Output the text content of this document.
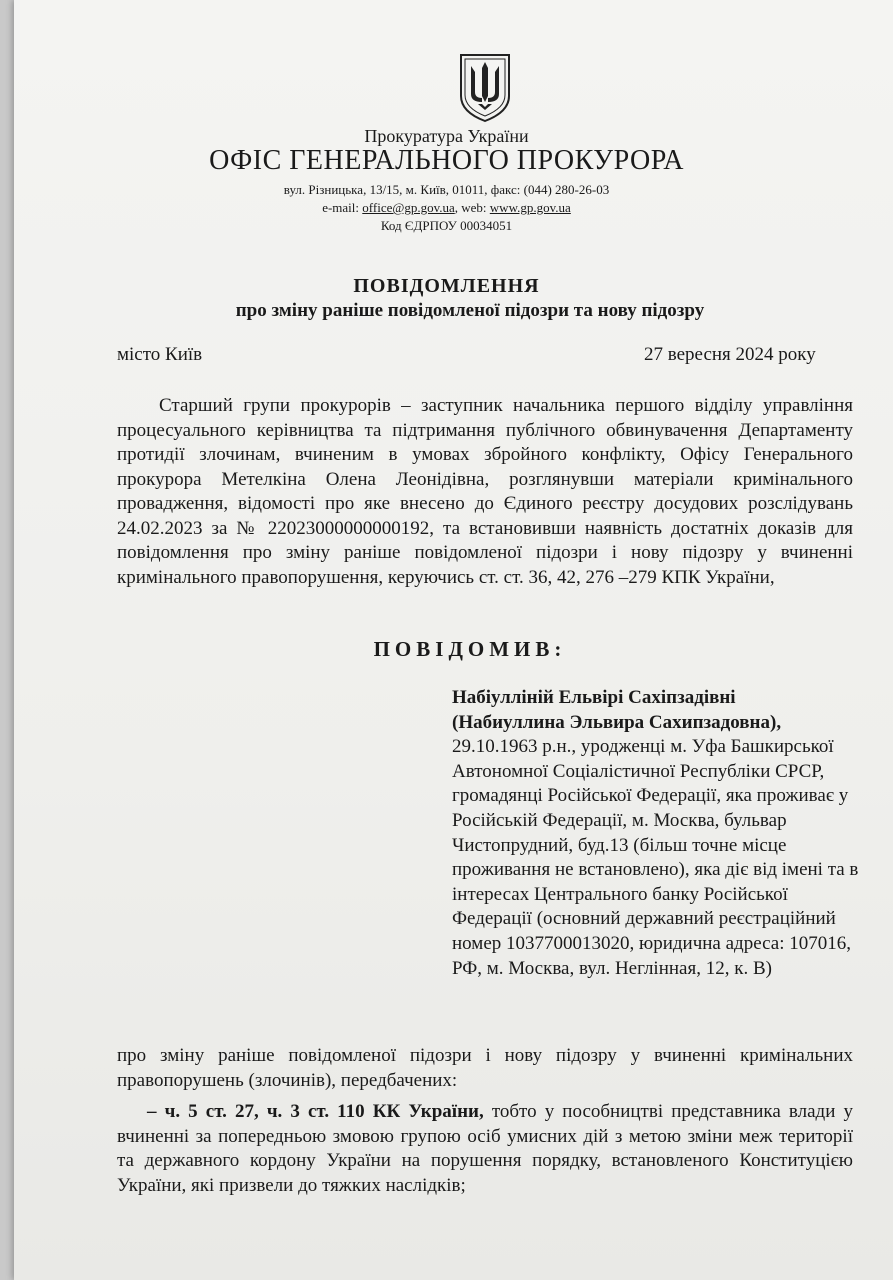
Прокуратура України
ОФІС ГЕНЕРАЛЬНОГО ПРОКУРОРА
вул. Різницька, 13/15, м. Київ, 01011, факс: (044) 280-26-03
e-mail: office@gp.gov.ua, web: www.gp.gov.ua
Код ЄДРПОУ 00034051
ПОВІДОМЛЕННЯ
про зміну раніше повідомленої підозри та нову підозру
місто Київ	27 вересня 2024 року
Старший групи прокурорів – заступник начальника першого відділу управління процесуального керівництва та підтримання публічного обвинувачення Департаменту протидії злочинам, вчиненим в умовах збройного конфлікту, Офісу Генерального прокурора Метелкіна Олена Леонідівна, розглянувши матеріали кримінального провадження, відомості про яке внесено до Єдиного реєстру досудових розслідувань 24.02.2023 за № 22023000000000192, та встановивши наявність достатніх доказів для повідомлення про зміну раніше повідомленої підозри і нову підозру у вчиненні кримінального правопорушення, керуючись ст. ст. 36, 42, 276 –279 КПК України,
ПОВІДОМИВ:
Набіулліній Ельвірі Сахіпзадівні
(Набиуллина Эльвира Сахипзадовна),
29.10.1963 р.н., уродженці м. Уфа Башкирської Автономної Соціалістичної Республіки СРСР, громадянці Російської Федерації, яка проживає у Російській Федерації, м. Москва, бульвар Чистопрудний, буд.13 (більш точне місце проживання не встановлено), яка діє від імені та в інтересах Центрального банку Російської Федерації (основний державний реєстраційний номер 1037700013020, юридична адреса: 107016, РФ, м. Москва, вул. Неглінная, 12, к. В)
про зміну раніше повідомленої підозри і нову підозру у вчиненні кримінальних правопорушень (злочинів), передбачених:
– ч. 5 ст. 27, ч. 3 ст. 110 КК України, тобто у пособництві представника влади у вчиненні за попередньою змовою групою осіб умисних дій з метою зміни меж території та державного кордону України на порушення порядку, встановленого Конституцією України, які призвели до тяжких наслідків;
